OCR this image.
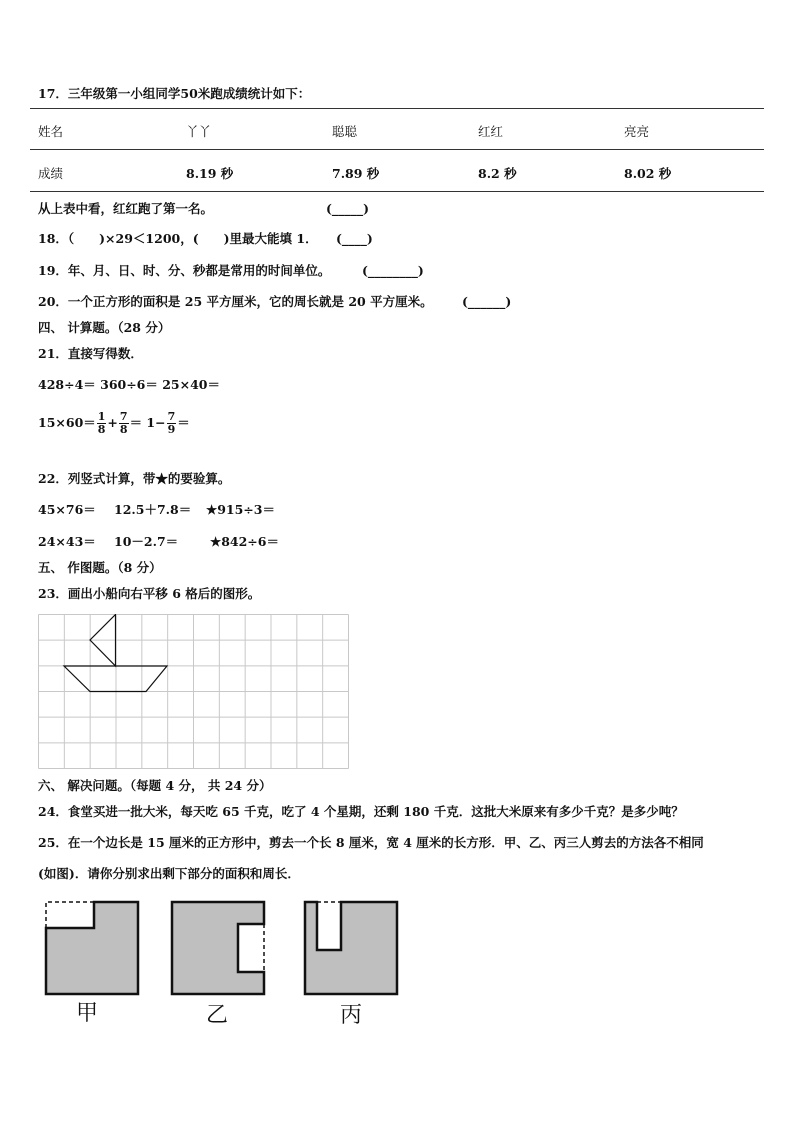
17．三年级第一小组同学50米跑成绩统计如下：
姓名	丫丫	聪聪	红红	亮亮
成绩	8.19 秒	7.89 秒	8.2 秒	8.02 秒
从上表中看，红红跑了第一名。	(_____)
18．（　　)×29＜1200，(　　)里最大能填 1． (____)
19．年、月、日、时、分、秒都是常用的时间单位。	(________)
20．一个正方形的面积是 25 平方厘米，它的周长就是 20 平方厘米。 (______)
四、 计算题。（28 分）
21．直接写得数．
428÷4＝ 360÷6＝ 25×40＝
$15\times 60= \frac{1}{8} + \frac{7}{8} = 1- \frac{7}{9}$ ＝
22．列竖式计算，带★的要验算。
45×76＝ 12.5＋7.8＝ ★915÷3＝
24×43＝ 10－2.7＝	★842÷6＝
五、 作图题。（8 分）
23．画出小船向右平移 6 格后的图形。
六、 解决问题。（每题 4 分， 共 24 分）
24．食堂买进一批大米，每天吃 65 千克，吃了 4 个星期，还剩 180 千克．这批大米原来有多少千克？是多少吨？
25．在一个边长是 15 厘米的正方形中，剪去一个长 8 厘米，宽 4 厘米的长方形．甲、乙、丙三人剪去的方法各不相同
(如图)．请你分别求出剩下部分的面积和周长．
甲	乙	丙
